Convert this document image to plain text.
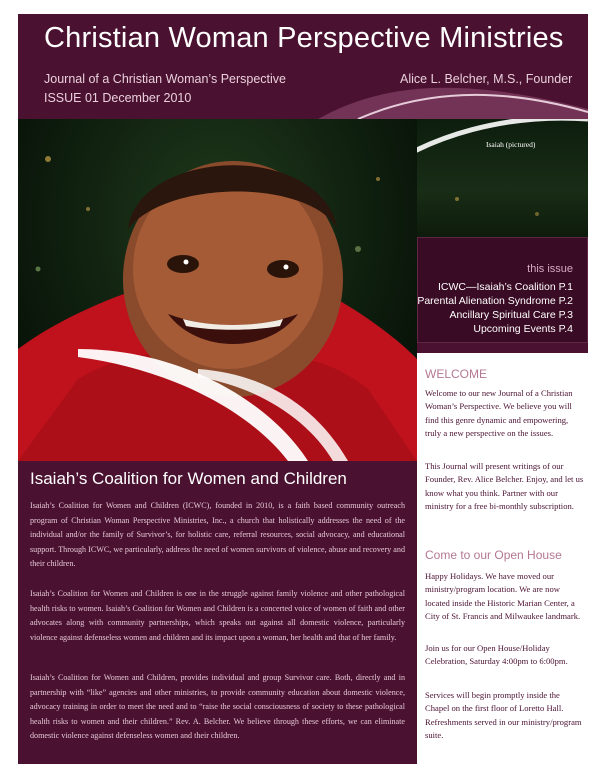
Christian Woman Perspective Ministries
Journal of a Christian Woman’s Perspective
ISSUE 01 December 2010
Alice L. Belcher, M.S., Founder
Isaiah (pictured)
this issue
ICWC—Isaiah’s Coalition P.1
Parental Alienation Syndrome P.2
Ancillary Spiritual Care P.3
Upcoming Events P.4
WELCOME

Welcome to our new Journal of a Christian Woman’s Perspective. We believe you will find this genre dynamic and empowering, truly a new perspective on the issues.

This Journal will present writings of our Founder, Rev. Alice Belcher. Enjoy, and let us know what you think. Partner with our ministry for a free bi-monthly subscription.

Come to our Open House

Happy Holidays. We have moved our ministry/program location. We are now located inside the Historic Marian Center, a City of St. Francis and Milwaukee landmark.

Join us for our Open House/Holiday Celebration, Saturday 4:00pm to 6:00pm.

Services will begin promptly inside the Chapel on the first floor of Loretto Hall. Refreshments served in our ministry/program suite.

Isaiah’s Coalition for Women and Children

Isaiah’s Coalition for Women and Children (ICWC), founded in 2010, is a faith based community outreach program of Christian Woman Perspective Ministries, Inc., a church that holistically addresses the need of the individual and/or the family of Survivor’s, for holistic care, referral resources, social advocacy, and educational support. Through ICWC, we particularly, address the need of women survivors of violence, abuse and recovery and their children.

Isaiah’s Coalition for Women and Children is one in the struggle against family violence and other pathological health risks to women. Isaiah’s Coalition for Women and Children is a concerted voice of women of faith and other advocates along with community partnerships, which speaks out against all domestic violence, particularly violence against defenseless women and children and its impact upon a woman, her health and that of her family.

Isaiah’s Coalition for Women and Children, provides individual and group Survivor care. Both, directly and in partnership with “like” agencies and other ministries, to provide community education about domestic violence, advocacy training in order to meet the need and to “raise the social consciousness of society to these pathological health risks to women and their children.” Rev. A. Belcher. We believe through these efforts, we can eliminate domestic violence against defenseless women and their children.
